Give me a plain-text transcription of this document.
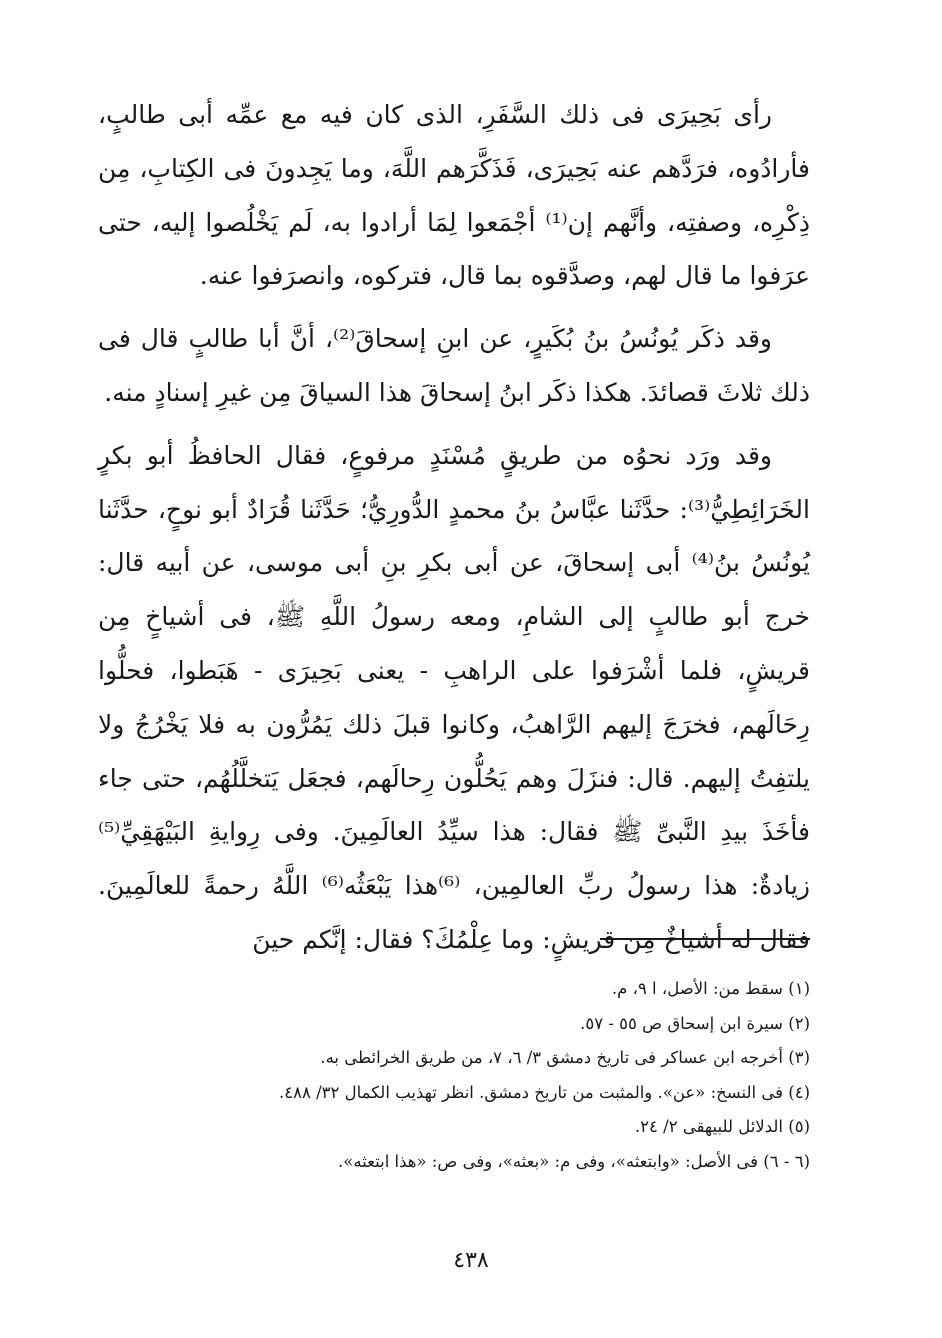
رأى بَحِيرَى فى ذلك السَّفَرِ، الذى كان فيه مع عمِّه أبى طالبٍ، فأرادُوه، فرَدَّهم عنه بَحِيرَى، فَذَكَّرَهم اللَّهَ، وما يَجِدونَ فى الكِتابِ، مِن ذِكْرِه، وصفتِه، وأنَّهم إن⁽¹⁾ أجْمَعوا لِمَا أرادوا به، لَم يَخْلُصوا إليه، حتى عرَفوا ما قال لهم، وصدَّقوه بما قال، فتركوه، وانصرَفوا عنه.

وقد ذكَر يُونُسُ بنُ بُكَيرٍ، عن ابنِ إسحاقَ⁽²⁾، أنَّ أبا طالبٍ قال فى ذلك ثلاثَ قصائدَ. هكذا ذكَر ابنُ إسحاقَ هذا السياقَ مِن غيرِ إسنادٍ منه.

وقد ورَد نحوُه من طريقٍ مُسْنَدٍ مرفوعٍ، فقال الحافظُ أبو بكرٍ الخَرَائِطِيُّ⁽³⁾: حدَّثَنا عبَّاسُ بنُ محمدٍ الدُّورِيُّ؛ حَدَّثَنا قُرَادٌ أبو نوحٍ، حدَّثَنا يُونُسُ بنُ⁽⁴⁾ أبى إسحاقَ، عن أبى بكرِ بنِ أبى موسى، عن أبيه قال: خرج أبو طالبٍ إلى الشامِ، ومعه رسولُ اللَّهِ ﷺ، فى أشياخٍ مِن قريشٍ، فلما أشْرَفوا على الراهبِ - يعنى بَحِيرَى - هَبَطوا، فحلُّوا رِحَالَهم، فخرَجَ إليهم الرَّاهبُ، وكانوا قبلَ ذلك يَمُرُّون به فلا يَخْرُجُ ولا يلتفِتُ إليهم. قال: فنزَلَ وهم يَحُلُّون رِحالَهم، فجعَل يَتخلَّلُهُم، حتى جاء فأخَذَ بيدِ النَّبىِّ ﷺ فقال: هذا سيِّدُ العالَمِينَ. وفى رِوايةِ البَيْهَقِيِّ⁽⁵⁾ زيادةٌ: هذا رسولُ ربِّ العالمِين، ⁽⁶⁾هذا يَبْعَثُه⁽⁶⁾ اللَّهُ رحمةً للعالَمِينَ. فقال له أشياخٌ مِن قريشٍ: وما عِلْمُكَ؟ فقال: إنَّكم حينَ

(١) سقط من: الأصل، ا ٩، م.
(٢) سيرة ابن إسحاق ص ٥٥ - ٥٧.
(٣) أخرجه ابن عساكر فى تاريخ دمشق ٣/ ٦، ٧، من طريق الخرائطى به.
(٤) فى النسخ: «عن». والمثبت من تاريخ دمشق. انظر تهذيب الكمال ٣٢/ ٤٨٨.
(٥) الدلائل للبيهقى ٢/ ٢٤.
(٦ - ٦) فى الأصل: «وابتعثه»، وفى م: «بعثه»، وفى ص: «هذا ابتعثه».
٤٣٨
